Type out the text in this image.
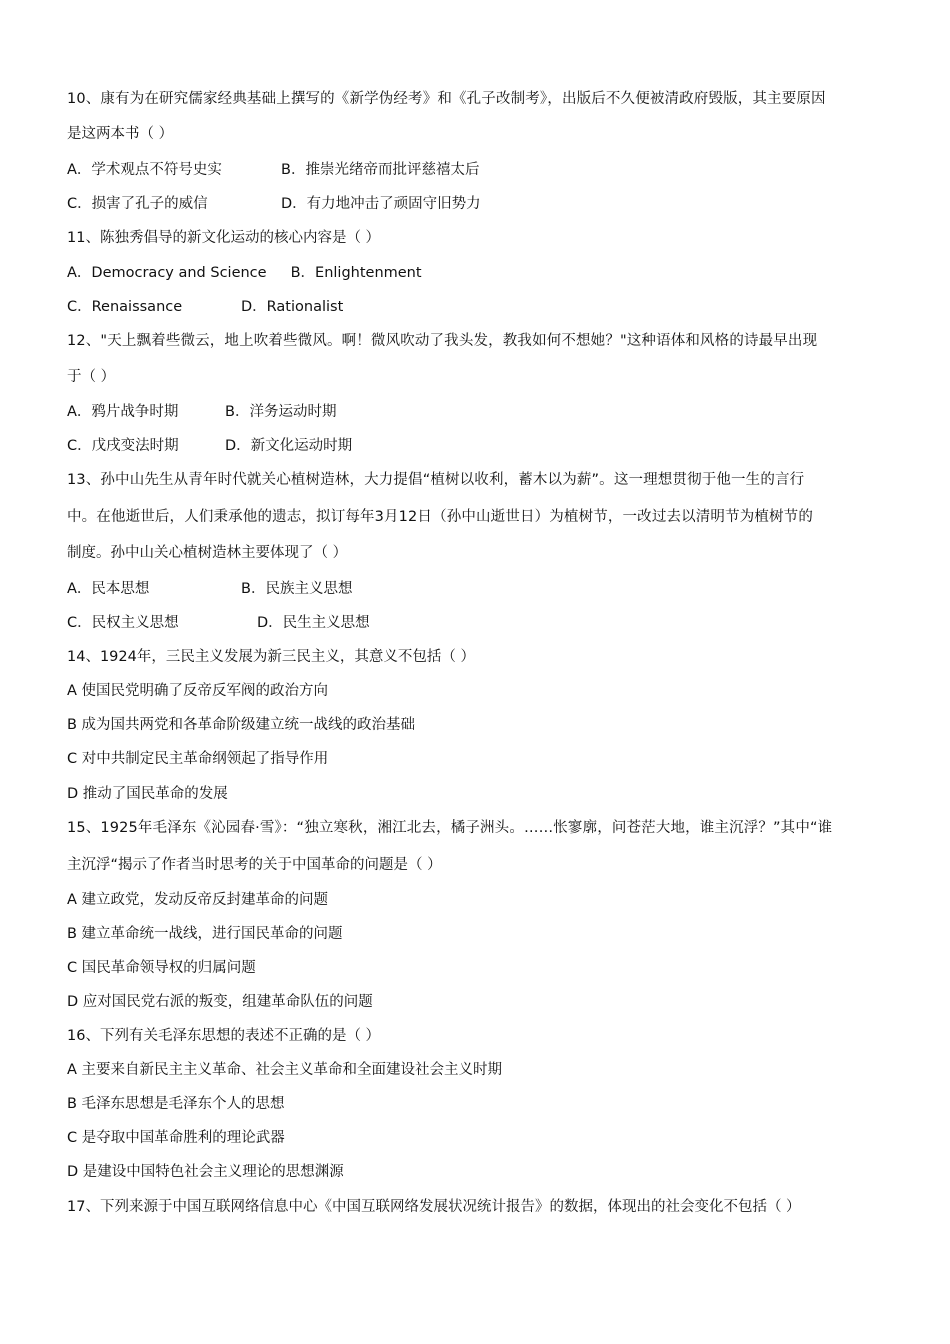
10、康有为在研究儒家经典基础上撰写的《新学伪经考》和《孔子改制考》，出版后不久便被清政府毁版，其主要原因
是这两本书（ ）
A．学术观点不符号史实	B．推崇光绪帝而批评慈禧太后
C．损害了孔子的威信	D．有力地冲击了顽固守旧势力
11、陈独秀倡导的新文化运动的核心内容是（ ）
A．Democracy and Science B．Enlightenment
C．Renaissance	D．Rationalist
12、"天上飘着些微云，地上吹着些微风。啊！微风吹动了我头发，教我如何不想她？"这种语体和风格的诗最早出现
于（ ）
A．鸦片战争时期	B．洋务运动时期
C．戊戌变法时期	D．新文化运动时期
13、孙中山先生从青年时代就关心植树造林，大力提倡“植树以收利，蓄木以为薪”。这一理想贯彻于他一生的言行
中。在他逝世后，人们秉承他的遗志，拟订每年3月12日（孙中山逝世日）为植树节，一改过去以清明节为植树节的
制度。孙中山关心植树造林主要体现了（ ）
A．民本思想	B．民族主义思想
C．民权主义思想	D．民生主义思想
14、1924年，三民主义发展为新三民主义，其意义不包括（ ）
A 使国民党明确了反帝反军阀的政治方向
B 成为国共两党和各革命阶级建立统一战线的政治基础
C 对中共制定民主革命纲领起了指导作用
D 推动了国民革命的发展
15、1925年毛泽东《沁园春·雪》：“独立寒秋，湘江北去，橘子洲头。……怅寥廓，问苍茫大地，谁主沉浮？”其中“谁
主沉浮“揭示了作者当时思考的关于中国革命的问题是（ ）
A 建立政党，发动反帝反封建革命的问题
B 建立革命统一战线，进行国民革命的问题
C 国民革命领导权的归属问题
D 应对国民党右派的叛变，组建革命队伍的问题
16、下列有关毛泽东思想的表述不正确的是（ ）
A 主要来自新民主主义革命、社会主义革命和全面建设社会主义时期
B 毛泽东思想是毛泽东个人的思想
C 是夺取中国革命胜利的理论武器
D 是建设中国特色社会主义理论的思想渊源
17、下列来源于中国互联网络信息中心《中国互联网络发展状况统计报告》的数据，体现出的社会变化不包括（ ）
